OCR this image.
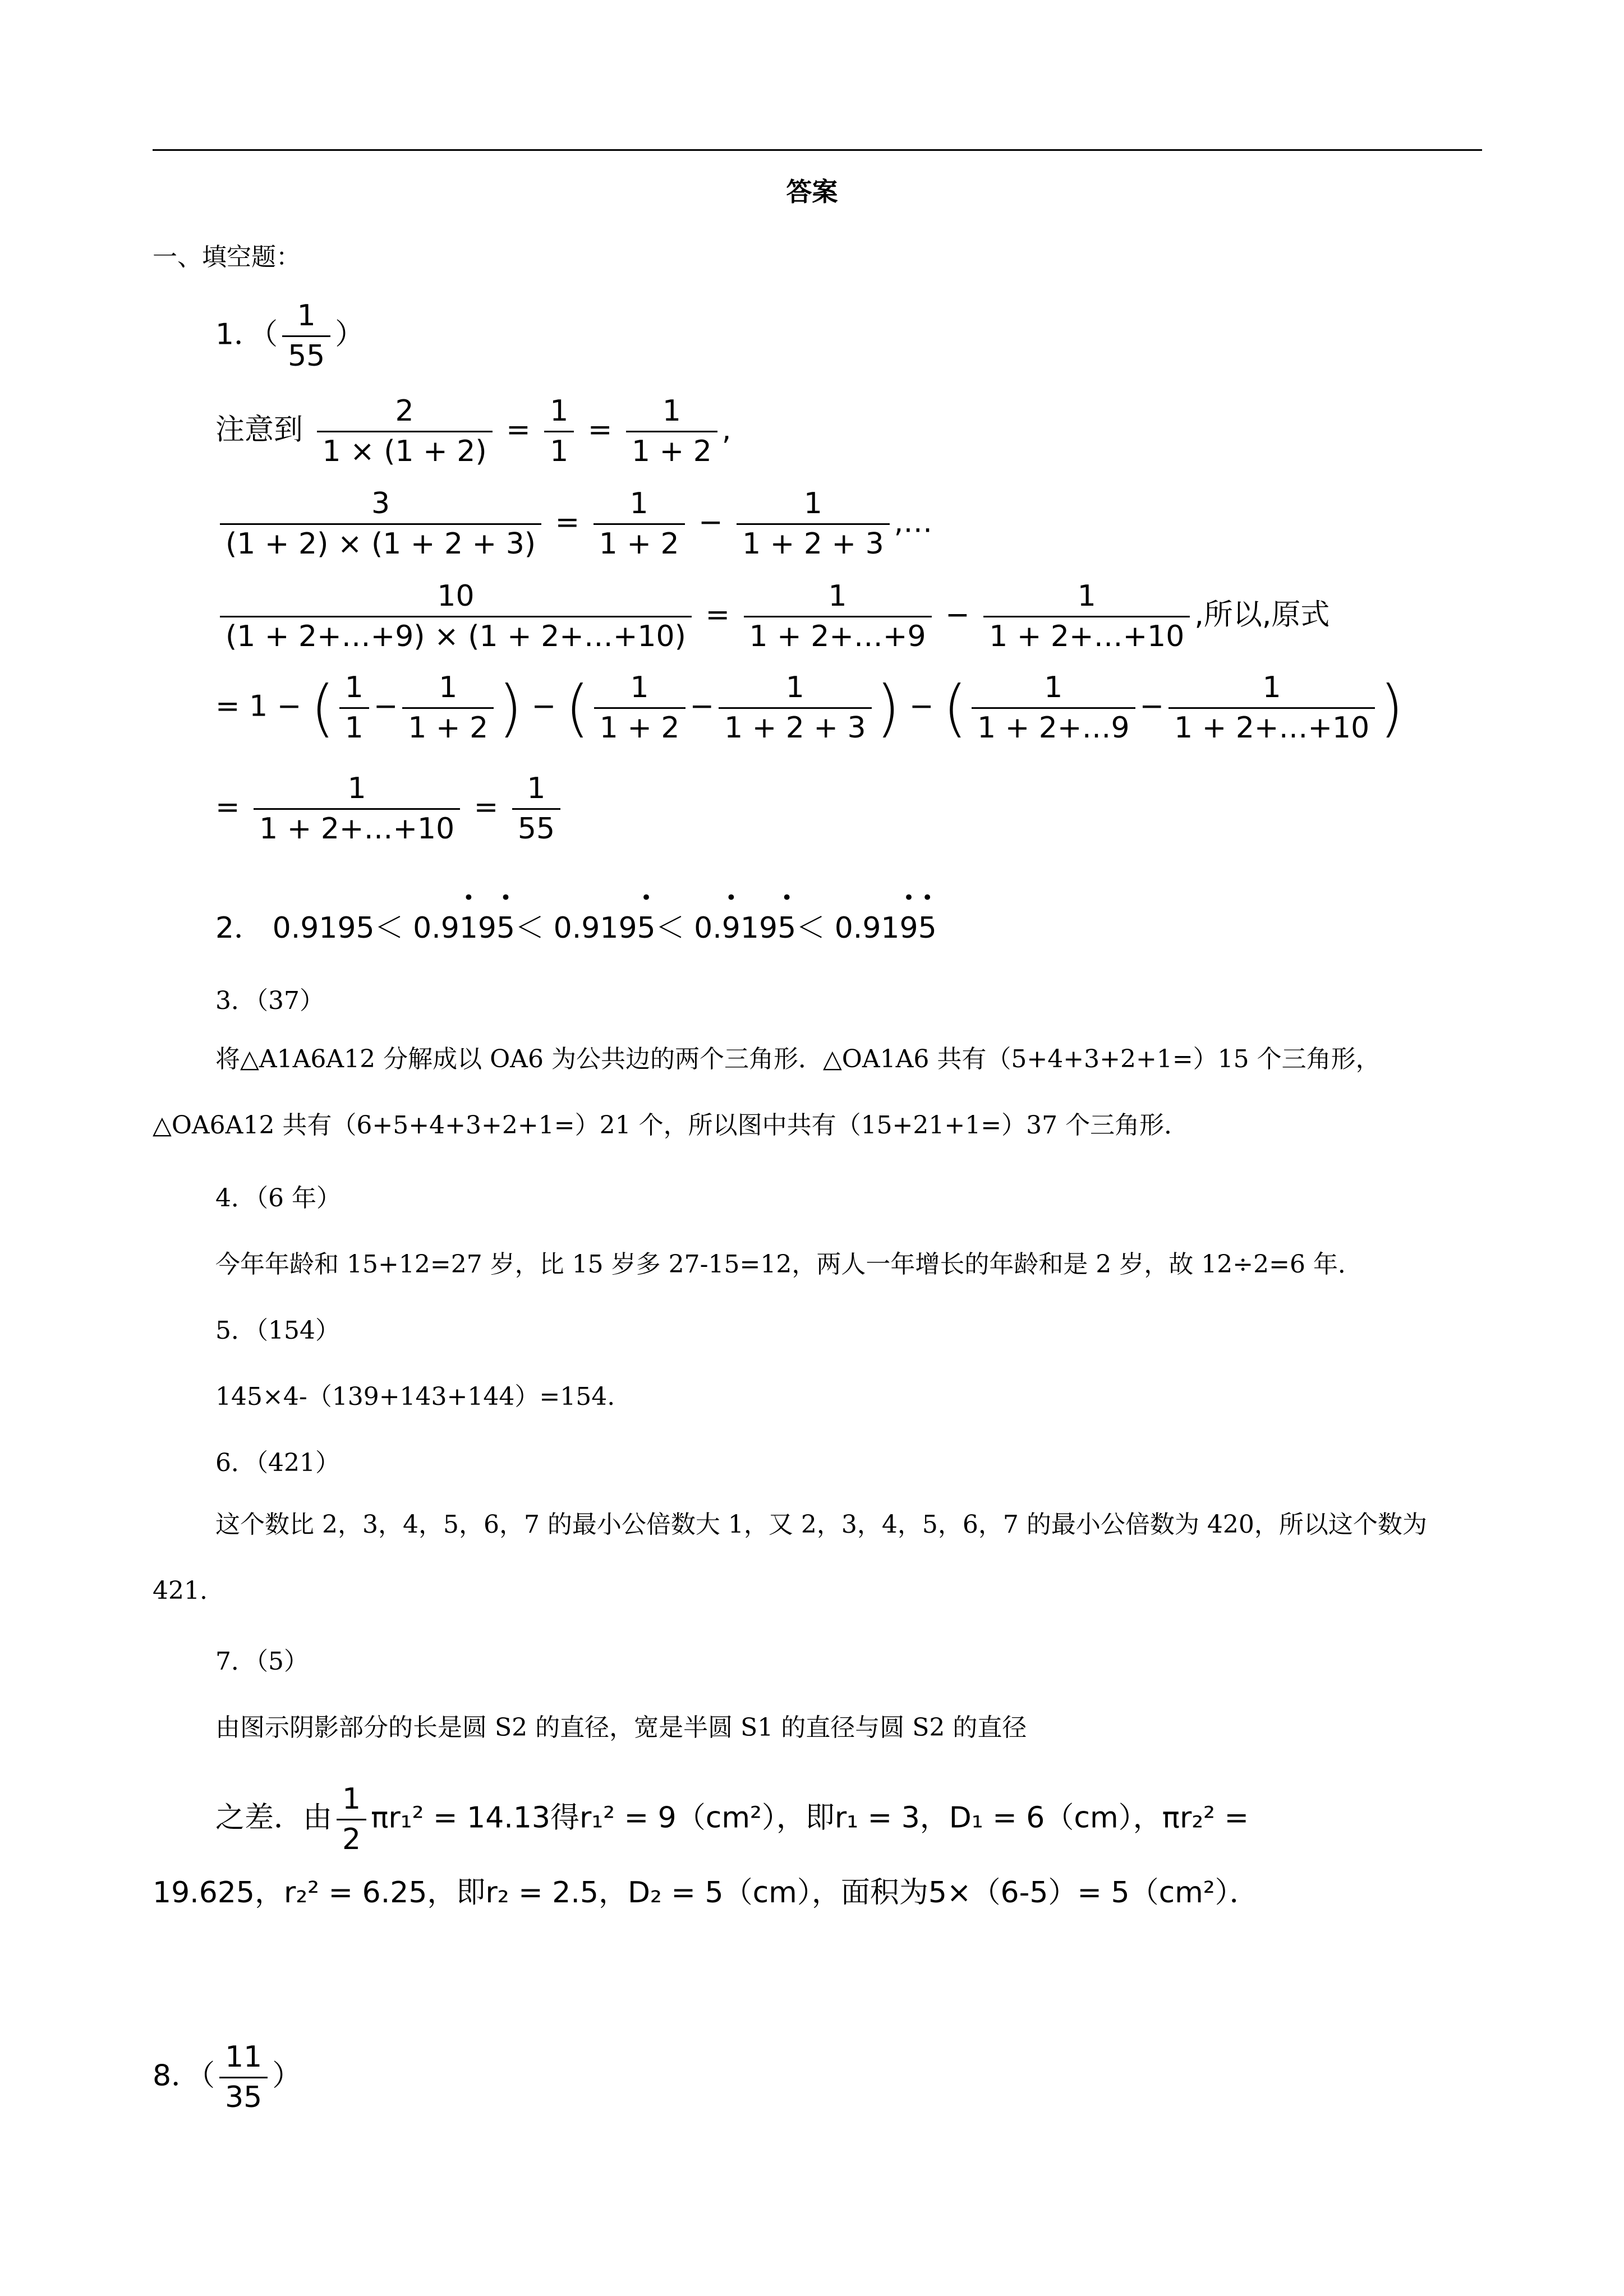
答案
一、填空题：
1．（ $\frac{1}{55}$ ）
注意到 $\frac{2}{1 \times (1 + 2)} = \frac{1}{1} = \frac{1}{1 + 2}$ ,
$\frac{3}{(1 + 2) \times (1 + 2 + 3)} = \frac{1}{1 + 2} - \frac{1}{1 + 2 + 3}$ ,…
$\frac{10}{(1 + 2+\dots+9) \times (1 + 2+\dots+10)} = \frac{1}{1 + 2+\dots+9} - \frac{1}{1 + 2+\dots+10}$ ,所以,原式
= 1 − ( $\frac{1}{1} - \frac{1}{1 + 2}$ ) − ( $\frac{1}{1 + 2} - \frac{1}{1 + 2 + 3}$ ) − ( $\frac{1}{1 + 2+\dots 9} - \frac{1}{1 + 2+\dots+10}$ )
= $\frac{1}{1 + 2+\dots+10} = \frac{1}{55}$
2． 0.9195＜ 0.9• 19• 5＜ 0.919• 5＜ 0.• 919• 5＜ 0.91• 9• 5
3．（37）
将△A1A6A12 分解成以 OA6 为公共边的两个三角形．△OA1A6 共有（5+4+3+2+1=）15 个三角形，△OA6A12 共有（6+5+4+3+2+1=）21 个，所以图中共有（15+21+1=）37 个三角形．
4．（6 年）
今年年龄和 15+12=27 岁，比 15 岁多 27-15=12，两人一年增长的年龄和是 2 岁，故 12÷2=6 年．
5．（154）
145×4-（139+143+144）=154.
6．（421）
这个数比 2，3，4，5，6，7 的最小公倍数大 1，又 2，3，4，5，6，7 的最小公倍数为 420，所以这个数为 421.
7．（5）
由图示阴影部分的长是圆 S2 的直径，宽是半圆 S1 的直径与圆 S2 的直径
之差．由 $\frac{1}{2} \pi r_1^2 = 14.13$得r₁² = 9（cm²），即r₁ = 3，D₁ = 6（cm），πr₂² =
19.625，r₂² = 6.25，即r₂ = 2.5，D₂ = 5（cm），面积为5×（6-5）= 5（cm²）．
8．（ $\frac{11}{35}$ ）
